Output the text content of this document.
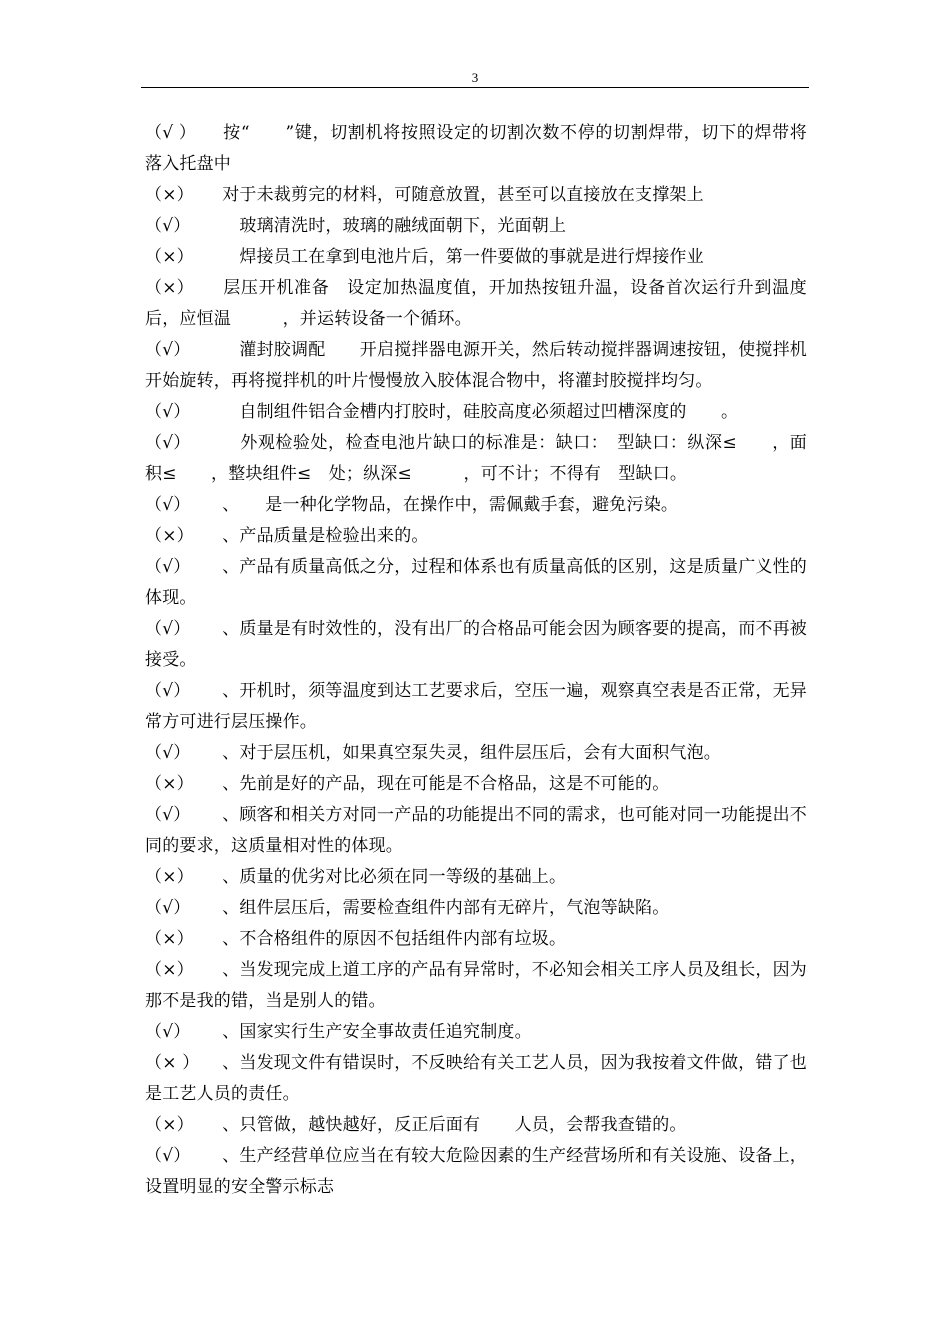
3

（√ ）　按“　　”键，切割机将按照设定的切割次数不停的切割焊带，切下的焊带将落入托盘中

（×）　对于未裁剪完的材料，可随意放置，甚至可以直接放在支撑架上

（√）　　玻璃清洗时，玻璃的融绒面朝下，光面朝上

（×）　　焊接员工在拿到电池片后，第一件要做的事就是进行焊接作业

（×）　层压开机准备　设定加热温度值，开加热按钮升温，设备首次运行升到温度后，应恒温　　　，并运转设备一个循环。

（√）　　灌封胶调配　　开启搅拌器电源开关，然后转动搅拌器调速按钮，使搅拌机开始旋转，再将搅拌机的叶片慢慢放入胶体混合物中，将灌封胶搅拌均匀。

（√）　　自制组件铝合金槽内打胶时，硅胶高度必须超过凹槽深度的　　。

（√）　　外观检验处，检查电池片缺口的标准是：缺口：　型缺口：纵深≤　　，面积≤　　，整块组件≤　处；纵深≤　　　，可不计；不得有　型缺口。

（√）　、　　是一种化学物品，在操作中，需佩戴手套，避免污染。

（×）　、产品质量是检验出来的。

（√）　、产品有质量高低之分，过程和体系也有质量高低的区别，这是质量广义性的体现。

（√）　、质量是有时效性的，没有出厂的合格品可能会因为顾客要的提高，而不再被接受。

（√）　、开机时，须等温度到达工艺要求后，空压一遍，观察真空表是否正常，无异常方可进行层压操作。

（√）　、对于层压机，如果真空泵失灵，组件层压后，会有大面积气泡。

（×）　、先前是好的产品，现在可能是不合格品，这是不可能的。

（√）　、顾客和相关方对同一产品的功能提出不同的需求，也可能对同一功能提出不同的要求，这质量相对性的体现。

（×）　、质量的优劣对比必须在同一等级的基础上。

（√）　、组件层压后，需要检查组件内部有无碎片，气泡等缺陷。

（×）　、不合格组件的原因不包括组件内部有垃圾。

（×）　、当发现完成上道工序的产品有异常时，不必知会相关工序人员及组长，因为那不是我的错，当是别人的错。

（√）　、国家实行生产安全事故责任追究制度。

（× ）　、当发现文件有错误时，不反映给有关工艺人员，因为我按着文件做，错了也是工艺人员的责任。

（×）　、只管做，越快越好，反正后面有　　人员，会帮我查错的。

（√）　、生产经营单位应当在有较大危险因素的生产经营场所和有关设施、设备上，设置明显的安全警示标志
